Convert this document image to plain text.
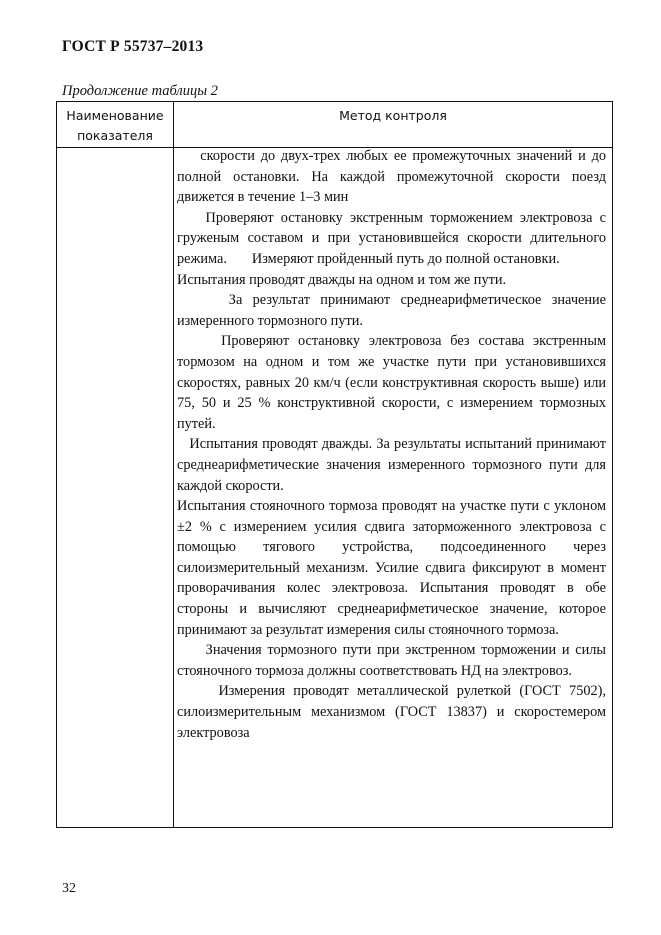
ГОСТ Р 55737–2013
Продолжение таблицы 2
Наименование
показателя
Метод контроля

скорости до двух-трех любых ее промежуточных значений и до полной остановки. На каждой промежуточной скорости поезд движется в течение 1–3 мин

Проверяют остановку экстренным торможением электровоза с груженым составом и при установившейся скорости длительного режима.       Измеряют пройденный путь до полной остановки.

Испытания проводят дважды на одном и том же пути.

За результат принимают среднеарифметическое значение измеренного тормозного пути.

Проверяют остановку электровоза без состава экстренным тормозом на одном и том же участке пути при установившихся скоростях, равных 20 км/ч (если конструктивная скорость выше) или 75, 50 и 25 % конструктивной скорости, с измерением тормозных путей.

Испытания проводят дважды. За результаты испытаний принимают среднеарифметические значения измеренного тормозного пути для каждой скорости.

Испытания стояночного тормоза проводят на участке пути с уклоном ±2 % с измерением усилия сдвига заторможенного электровоза с помощью тягового устройства, подсоединенного через силоизмерительный механизм. Усилие сдвига фиксируют в момент проворачивания колес электровоза. Испытания проводят в обе стороны и вычисляют среднеарифметическое значение, которое принимают за результат измерения силы стояночного тормоза.

Значения тормозного пути при экстренном торможении и силы стояночного тормоза должны соответствовать НД на электровоз.

Измерения проводят металлической рулеткой (ГОСТ 7502), силоизмерительным механизмом (ГОСТ 13837) и скоростемером электровоза

32
